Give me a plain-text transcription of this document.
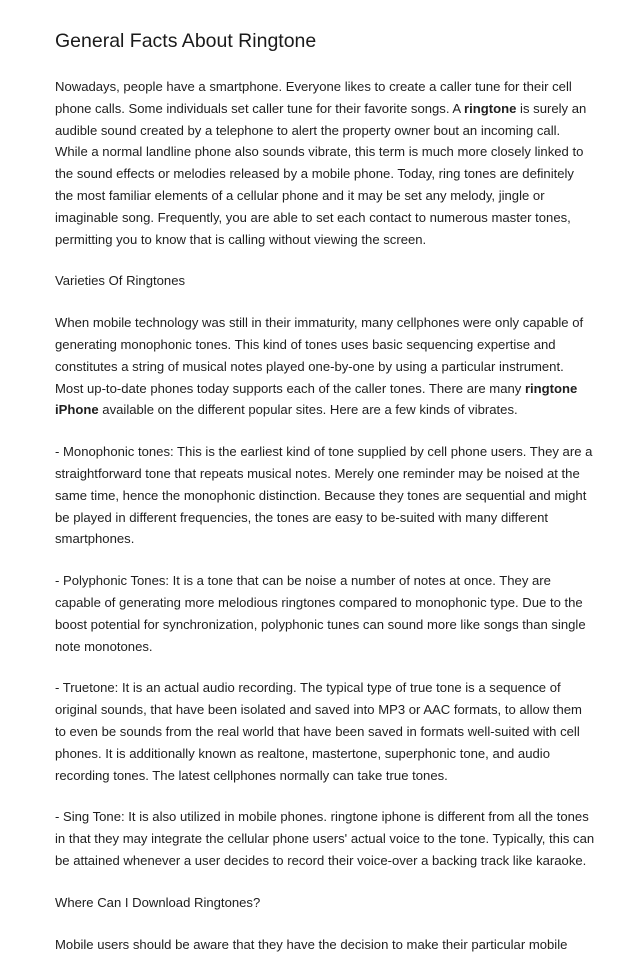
General Facts About Ringtone

Nowadays, people have a smartphone. Everyone likes to create a caller tune for their cell phone calls. Some individuals set caller tune for their favorite songs. A ringtone is surely an audible sound created by a telephone to alert the property owner bout an incoming call. While a normal landline phone also sounds vibrate, this term is much more closely linked to the sound effects or melodies released by a mobile phone. Today, ring tones are definitely the most familiar elements of a cellular phone and it may be set any melody, jingle or imaginable song. Frequently, you are able to set each contact to numerous master tones, permitting you to know that is calling without viewing the screen.

Varieties Of Ringtones

When mobile technology was still in their immaturity, many cellphones were only capable of generating monophonic tones. This kind of tones uses basic sequencing expertise and constitutes a string of musical notes played one-by-one by using a particular instrument. Most up-to-date phones today supports each of the caller tones. There are many ringtone iPhone available on the different popular sites. Here are a few kinds of vibrates.

- Monophonic tones: This is the earliest kind of tone supplied by cell phone users. They are a straightforward tone that repeats musical notes. Merely one reminder may be noised at the same time, hence the monophonic distinction. Because they tones are sequential and might be played in different frequencies, the tones are easy to be-suited with many different smartphones.

- Polyphonic Tones: It is a tone that can be noise a number of notes at once. They are capable of generating more melodious ringtones compared to monophonic type. Due to the boost potential for synchronization, polyphonic tunes can sound more like songs than single note monotones.

- Truetone: It is an actual audio recording. The typical type of true tone is a sequence of original sounds, that have been isolated and saved into MP3 or AAC formats, to allow them to even be sounds from the real world that have been saved in formats well-suited with cell phones. It is additionally known as realtone, mastertone, superphonic tone, and audio recording tones. The latest cellphones normally can take true tones.

- Sing Tone: It is also utilized in mobile phones. ringtone iphone is different from all the tones in that they may integrate the cellular phone users' actual voice to the tone. Typically, this can be attained whenever a user decides to record their voice-over a backing track like karaoke.

Where Can I Download Ringtones?

Mobile users should be aware that they have the decision to make their particular mobile
